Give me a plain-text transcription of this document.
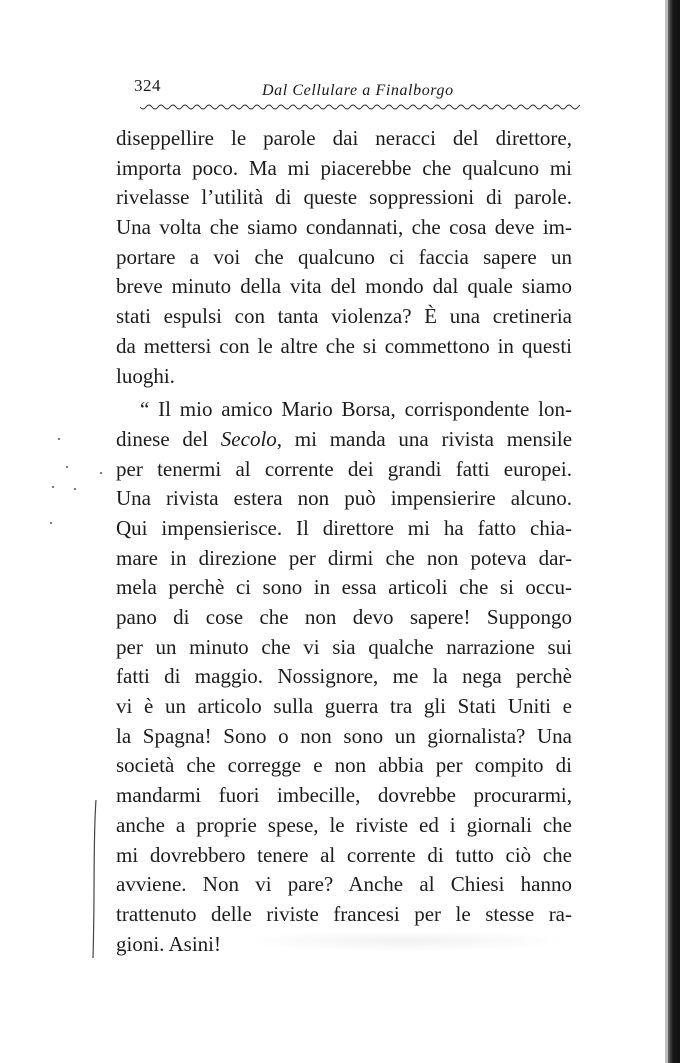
324	Dal Cellulare a Finalborgo
diseppellire le parole dai neracci del direttore,
importa poco. Ma mi piacerebbe che qualcuno mi
rivelasse l’utilità di queste soppressioni di parole.
Una volta che siamo condannati, che cosa deve im-
portare a voi che qualcuno ci faccia sapere un
breve minuto della vita del mondo dal quale siamo
stati espulsi con tanta violenza? È una cretineria
da mettersi con le altre che si commettono in questi
luoghi.
“ Il mio amico Mario Borsa, corrispondente lon-
dinese del Secolo, mi manda una rivista mensile
per tenermi al corrente dei grandi fatti europei.
Una rivista estera non può impensierire alcuno.
Qui impensierisce. Il direttore mi ha fatto chia-
mare in direzione per dirmi che non poteva dar-
mela perchè ci sono in essa articoli che si occu-
pano di cose che non devo sapere! Suppongo
per un minuto che vi sia qualche narrazione sui
fatti di maggio. Nossignore, me la nega perchè
vi è un articolo sulla guerra tra gli Stati Uniti e
la Spagna! Sono o non sono un giornalista? Una
società che corregge e non abbia per compito di
mandarmi fuori imbecille, dovrebbe procurarmi,
anche a proprie spese, le riviste ed i giornali che
mi dovrebbero tenere al corrente di tutto ciò che
avviene. Non vi pare? Anche al Chiesi hanno
trattenuto delle riviste francesi per le stesse ra-
gioni. Asini!
